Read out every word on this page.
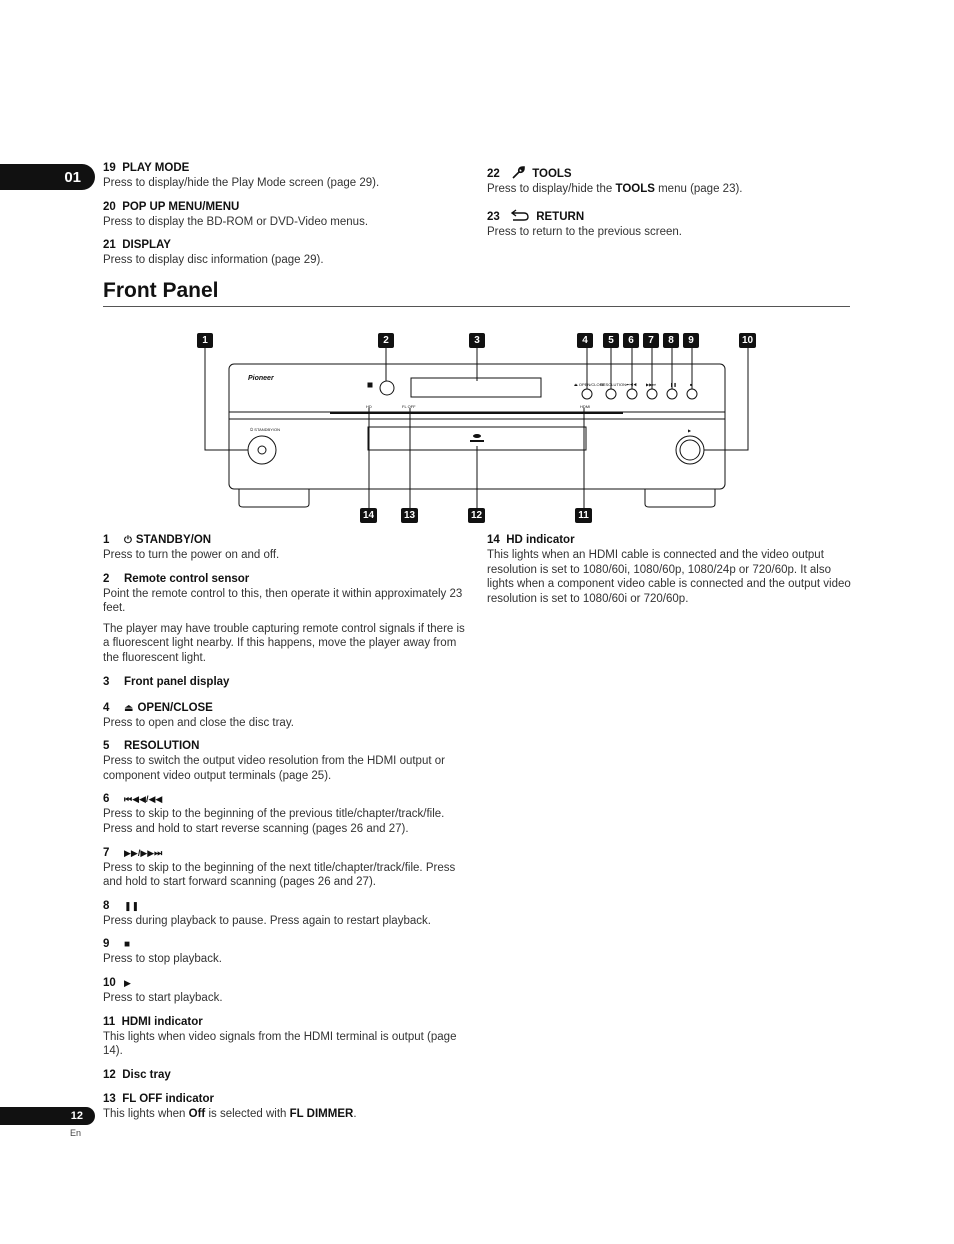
01
12
En
19 PLAY MODE
Press to display/hide the Play Mode screen (page 29).
20 POP UP MENU/MENU
Press to display the BD-ROM or DVD-Video menus.
21 DISPLAY
Press to display disc information (page 29).
22	TOOLS
Press to display/hide the TOOLS menu (page 23).
23	RETURN
Press to return to the previous screen.
Front Panel
⏻ STANDBY/ON
⏏ OPEN/CLOSE
RESOLUTION
HD	FL OFF	HDMI
⏮◀◀ ▶▶⏭	❚❚	■
▶
Pioneer
1	2	3	4	5	6	7	8	9	10
11
12
13
14
1 ⏻ STANDBY/ON
Press to turn the power on and off.
2 Remote control sensor
Point the remote control to this, then operate it within approximately 23 feet.
The player may have trouble capturing remote control signals if there is a fluorescent light nearby. If this happens, move the player away from the fluorescent light.
3 Front panel display
4 ⏏ OPEN/CLOSE
Press to open and close the disc tray.
5 RESOLUTION
Press to switch the output video resolution from the HDMI output or component video output terminals (page 25).
6 ⏮◀◀/◀◀
Press to skip to the beginning of the previous title/chapter/track/file. Press and hold to start reverse scanning (pages 26 and 27).
7 ▶▶/▶▶⏭
Press to skip to the beginning of the next title/chapter/track/file. Press and hold to start forward scanning (pages 26 and 27).
8 ❚❚
Press during playback to pause. Press again to restart playback.
9 ■
Press to stop playback.
10 ▶
Press to start playback.
11 HDMI indicator
This lights when video signals from the HDMI terminal is output (page 14).
12 Disc tray
13 FL OFF indicator
This lights when Off is selected with FL DIMMER.
14 HD indicator
This lights when an HDMI cable is connected and the video output resolution is set to 1080/60i, 1080/60p, 1080/24p or 720/60p. It also lights when a component video cable is connected and the output video resolution is set to 1080/60i or 720/60p.
